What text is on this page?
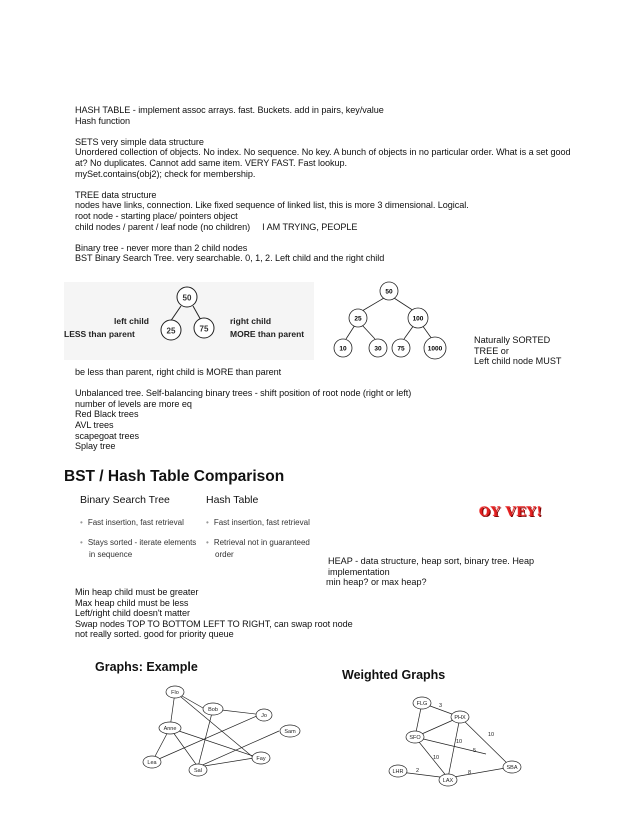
HASH TABLE - implement assoc arrays. fast. Buckets. add in pairs, key/value
Hash function
SETS very simple data structure
Unordered collection of objects. No index. No sequence. No key. A bunch of objects in no particular order. What is a set good
at? No duplicates. Cannot add same item. VERY FAST. Fast lookup.
mySet.contains(obj2); check for membership.
TREE data structure
nodes have links, connection. Like fixed sequence of linked list, this is more 3 dimensional. Logical.
root node - starting place/ pointers object
child nodes / parent / leaf node (no children) I AM TRYING, PEOPLE
Binary tree - never more than 2 child nodes
BST Binary Search Tree. very searchable. 0, 1, 2. Left child and the right child
50
25	75
left child
LESS than parent
right child
MORE than parent
50
25	100
10	30 75	1000
Naturally SORTED
TREE or
Left child node MUST
be less than parent, right child is MORE than parent
Unbalanced tree. Self-balancing binary trees - shift position of root node (right or left)
number of levels are more eq
Red Black trees
AVL trees
scapegoat trees
Splay tree
BST / Hash Table Comparison
Binary Search Tree	Hash Table
• Fast insertion, fast retrieval
• Stays sorted - iterate elements
in sequence
• Fast insertion, fast retrieval
• Retrieval not in guaranteed
order
OY VEY!
HEAP - data structure, heap sort, binary tree. Heap
implementation
min heap? or max heap?
Min heap child must be greater
Max heap child must be less
Left/right child doesn't matter
Swap nodes TOP TO BOTTOM LEFT TO RIGHT, can swap root node
not really sorted. good for priority queue
Graphs: Example
Flo
Bob
Jo
Anne	Sam
Lea
Fay
Sal
Weighted Graphs
FLG
PHX
SFO
LHR
LAX
SBA
3
10
5
10
2	8
10
